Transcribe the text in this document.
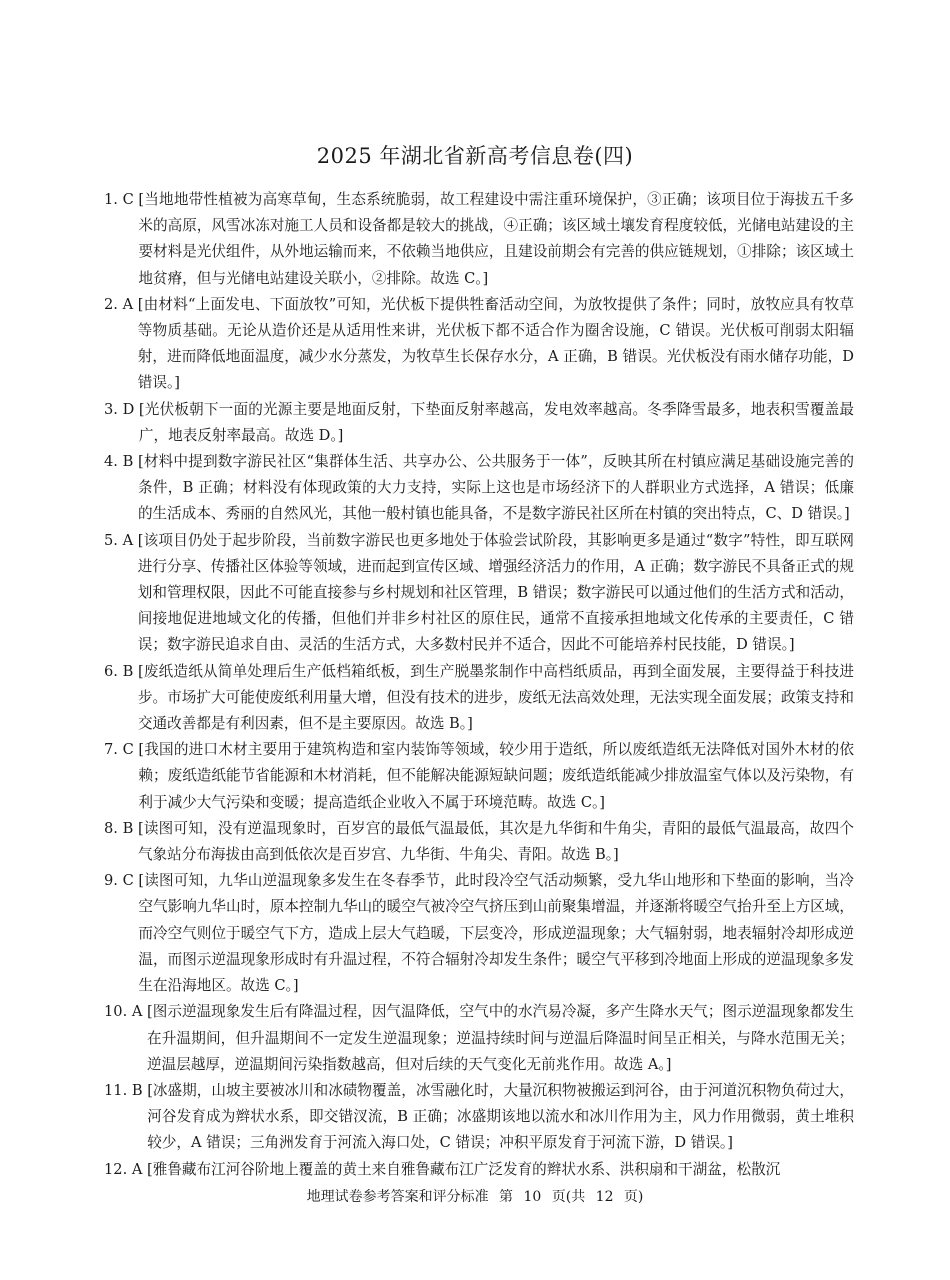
2025 年湖北省新高考信息卷(四)
1. C
[当地地带性植被为高寒草甸，生态系统脆弱，故工程建设中需注重环境保护，③正确；该项目位于海拔五千多米的高原，风雪冰冻对施工人员和设备都是较大的挑战，④正确；该区域土壤发育程度较低，光储电站建设的主要材料是光伏组件，从外地运输而来，不依赖当地供应，且建设前期会有完善的供应链规划，①排除；该区域土地贫瘠，但与光储电站建设关联小，②排除。故选 C。]
2. A
[由材料“上面发电、下面放牧”可知，光伏板下提供牲畜活动空间，为放牧提供了条件；同时，放牧应具有牧草等物质基础。无论从造价还是从适用性来讲，光伏板下都不适合作为圈舍设施，C 错误。光伏板可削弱太阳辐射，进而降低地面温度，减少水分蒸发，为牧草生长保存水分，A 正确，B 错误。光伏板没有雨水储存功能，D 错误。]
3. D
[光伏板朝下一面的光源主要是地面反射，下垫面反射率越高，发电效率越高。冬季降雪最多，地表积雪覆盖最广，地表反射率最高。故选 D。]
4. B
[材料中提到数字游民社区“集群体生活、共享办公、公共服务于一体”，反映其所在村镇应满足基础设施完善的条件，B 正确；材料没有体现政策的大力支持，实际上这也是市场经济下的人群职业方式选择，A 错误；低廉的生活成本、秀丽的自然风光，其他一般村镇也能具备，不是数字游民社区所在村镇的突出特点，C、D 错误。]
5. A
[该项目仍处于起步阶段，当前数字游民也更多地处于体验尝试阶段，其影响更多是通过“数字”特性，即互联网进行分享、传播社区体验等领域，进而起到宣传区域、增强经济活力的作用，A 正确；数字游民不具备正式的规划和管理权限，因此不可能直接参与乡村规划和社区管理，B 错误；数字游民可以通过他们的生活方式和活动，间接地促进地域文化的传播，但他们并非乡村社区的原住民，通常不直接承担地域文化传承的主要责任，C 错误；数字游民追求自由、灵活的生活方式，大多数村民并不适合，因此不可能培养村民技能，D 错误。]
6. B
[废纸造纸从简单处理后生产低档箱纸板，到生产脱墨浆制作中高档纸质品，再到全面发展，主要得益于科技进步。市场扩大可能使废纸利用量大增，但没有技术的进步，废纸无法高效处理，无法实现全面发展；政策支持和交通改善都是有利因素，但不是主要原因。故选 B。]
7. C
[我国的进口木材主要用于建筑构造和室内装饰等领域，较少用于造纸，所以废纸造纸无法降低对国外木材的依赖；废纸造纸能节省能源和木材消耗，但不能解决能源短缺问题；废纸造纸能减少排放温室气体以及污染物，有利于减少大气污染和变暖；提高造纸企业收入不属于环境范畴。故选 C。]
8. B
[读图可知，没有逆温现象时，百岁宫的最低气温最低，其次是九华街和牛角尖，青阳的最低气温最高，故四个气象站分布海拔由高到低依次是百岁宫、九华街、牛角尖、青阳。故选 B。]
9. C
[读图可知，九华山逆温现象多发生在冬春季节，此时段冷空气活动频繁，受九华山地形和下垫面的影响，当冷空气影响九华山时，原本控制九华山的暖空气被冷空气挤压到山前聚集增温，并逐渐将暖空气抬升至上方区域，而冷空气则位于暖空气下方，造成上层大气趋暖，下层变冷，形成逆温现象；大气辐射弱，地表辐射冷却形成逆温，而图示逆温现象形成时有升温过程，不符合辐射冷却发生条件；暖空气平移到冷地面上形成的逆温现象多发生在沿海地区。故选 C。]
10. A
[图示逆温现象发生后有降温过程，因气温降低，空气中的水汽易冷凝，多产生降水天气；图示逆温现象都发生在升温期间，但升温期间不一定发生逆温现象；逆温持续时间与逆温后降温时间呈正相关，与降水范围无关；逆温层越厚，逆温期间污染指数越高，但对后续的天气变化无前兆作用。故选 A。]
11. B
[冰盛期，山坡主要被冰川和冰碛物覆盖，冰雪融化时，大量沉积物被搬运到河谷，由于河道沉积物负荷过大，河谷发育成为辫状水系，即交错汊流，B 正确；冰盛期该地以流水和冰川作用为主，风力作用微弱，黄土堆积较少，A 错误；三角洲发育于河流入海口处，C 错误；冲积平原发育于河流下游，D 错误。]
12. A
[雅鲁藏布江河谷阶地上覆盖的黄土来自雅鲁藏布江广泛发育的辫状水系、洪积扇和干湖盆，松散沉
地理试卷参考答案和评分标准 第 10 页(共 12 页)
